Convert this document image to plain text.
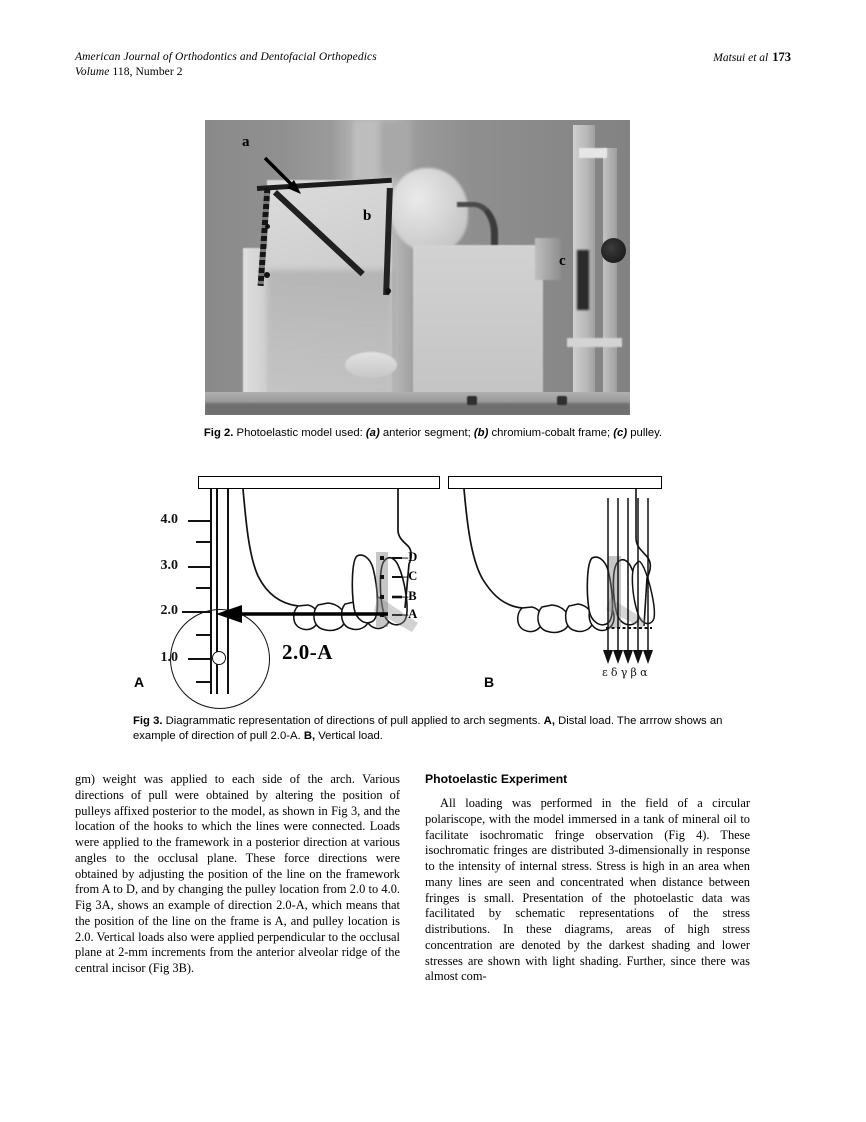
American Journal of Orthodontics and Dentofacial Orthopedics
Volume 118, Number 2
Matsui et al 173
a
b
c
Fig 2. Photoelastic model used: (a) anterior segment; (b) chromium-cobalt frame; (c) pulley.
4.0
3.0
2.0
1.0
–D
–C
–B
–A
2.0-A
A
εδγβα
B
Fig 3. Diagrammatic representation of directions of pull applied to arch segments. A, Distal load. The arrrow shows an example of direction of pull 2.0-A. B, Vertical load.

gm) weight was applied to each side of the arch. Various directions of pull were obtained by altering the position of pulleys affixed posterior to the model, as shown in Fig 3, and the location of the hooks to which the lines were connected. Loads were applied to the framework in a posterior direction at various angles to the occlusal plane. These force directions were obtained by adjusting the position of the line on the framework from A to D, and by changing the pulley location from 2.0 to 4.0. Fig 3A, shows an example of direction 2.0-A, which means that the position of the line on the frame is A, and pulley location is 2.0. Vertical loads also were applied perpendicular to the occlusal plane at 2-mm increments from the anterior alveolar ridge of the central incisor (Fig 3B).

Photoelastic Experiment

All loading was performed in the field of a circular polariscope, with the model immersed in a tank of mineral oil to facilitate isochromatic fringe observation (Fig 4). These isochromatic fringes are distributed 3-dimensionally in response to the intensity of internal stress. Stress is high in an area when many lines are seen and concentrated when distance between fringes is small. Presentation of the photoelastic data was facilitated by schematic representations of the stress distributions. In these diagrams, areas of high stress concentration are denoted by the darkest shading and lower stresses are shown with light shading. Further, since there was almost com-
